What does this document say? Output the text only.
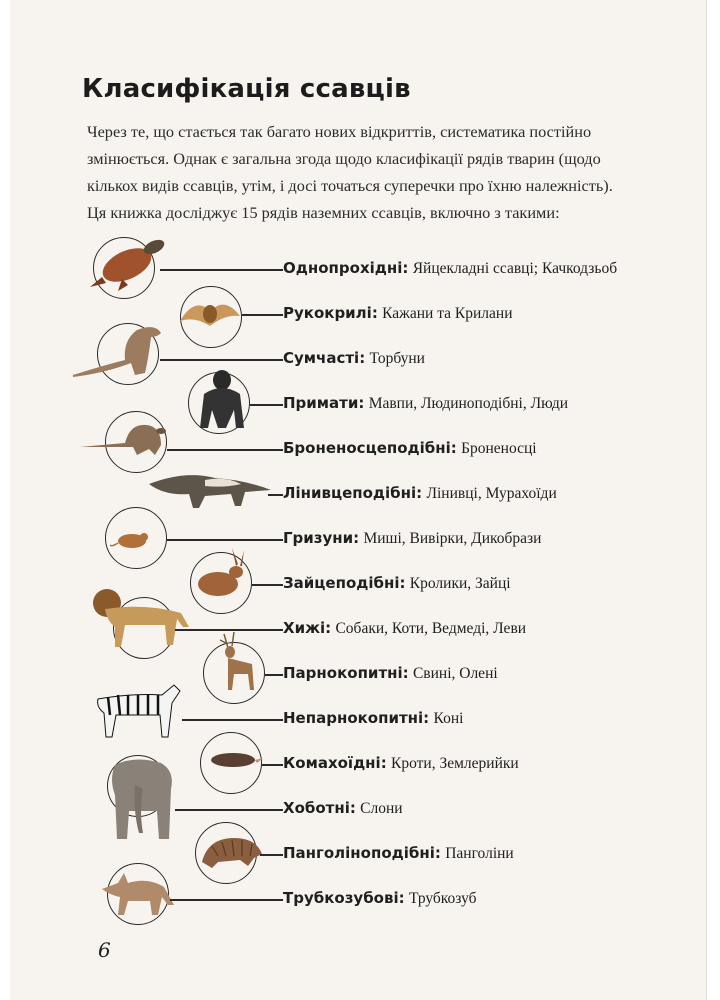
Класифікація ссавців

Через те, що стається так багато нових відкриттів, систематика постійно

змінюється. Однак є загальна згода щодо класифікації рядів тварин (щодо

кількох видів ссавців, утім, і досі точаться суперечки про їхню належність).

Ця книжка досліджує 15 рядів наземних ссавців, включно з такими:

Однопрохідні: Яйцекладні ссавці; Качкодзьоб
Рукокрилі: Кажани та Крилани
Сумчасті: Торбуни
Примати: Мавпи, Людиноподібні, Люди
Броненосцеподібні: Броненосці
Лінивцеподібні: Лінивці, Мурахоїди
Гризуни: Миші, Вивірки, Дикобрази
Зайцеподібні: Кролики, Зайці
Хижі: Собаки, Коти, Ведмеді, Леви
Парнокопитні: Свині, Олені
Непарнокопитні: Коні
Комахоїдні: Кроти, Землерийки
Хоботні: Слони
Панголіноподібні: Панголіни
Трубкозубові: Трубкозуб
6
